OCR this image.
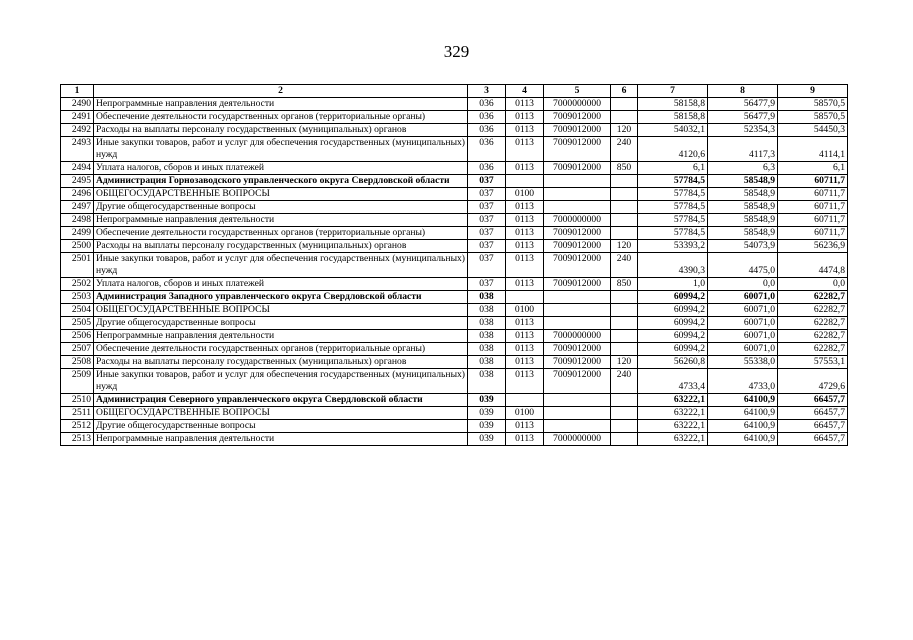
329
1	2	3	4	5	6	7	8	9
2490	Непрограммные направления деятельности	036	0113	7000000000		58158,8	56477,9	58570,5
2491	Обеспечение деятельности государственных органов (территориальные органы)	036	0113	7009012000		58158,8	56477,9	58570,5
2492	Расходы на выплаты персоналу государственных (муниципальных) органов	036	0113	7009012000	120	54032,1	52354,3	54450,3
2493	Иные закупки товаров, работ и услуг для обеспечения государственных (муниципальных) нужд	036	0113	7009012000	240	4120,6	4117,3	4114,1
2494	Уплата налогов, сборов и иных платежей	036	0113	7009012000	850	6,1	6,3	6,1
2495	Администрация Горнозаводского управленческого округа Свердловской области	037				57784,5	58548,9	60711,7
2496	ОБЩЕГОСУДАРСТВЕННЫЕ ВОПРОСЫ	037	0100			57784,5	58548,9	60711,7
2497	Другие общегосударственные вопросы	037	0113			57784,5	58548,9	60711,7
2498	Непрограммные направления деятельности	037	0113	7000000000		57784,5	58548,9	60711,7
2499	Обеспечение деятельности государственных органов (территориальные органы)	037	0113	7009012000		57784,5	58548,9	60711,7
2500	Расходы на выплаты персоналу государственных (муниципальных) органов	037	0113	7009012000	120	53393,2	54073,9	56236,9
2501	Иные закупки товаров, работ и услуг для обеспечения государственных (муниципальных) нужд	037	0113	7009012000	240	4390,3	4475,0	4474,8
2502	Уплата налогов, сборов и иных платежей	037	0113	7009012000	850	1,0	0,0	0,0
2503	Администрация Западного управленческого округа Свердловской области	038				60994,2	60071,0	62282,7
2504	ОБЩЕГОСУДАРСТВЕННЫЕ ВОПРОСЫ	038	0100			60994,2	60071,0	62282,7
2505	Другие общегосударственные вопросы	038	0113			60994,2	60071,0	62282,7
2506	Непрограммные направления деятельности	038	0113	7000000000		60994,2	60071,0	62282,7
2507	Обеспечение деятельности государственных органов (территориальные органы)	038	0113	7009012000		60994,2	60071,0	62282,7
2508	Расходы на выплаты персоналу государственных (муниципальных) органов	038	0113	7009012000	120	56260,8	55338,0	57553,1
2509	Иные закупки товаров, работ и услуг для обеспечения государственных (муниципальных) нужд	038	0113	7009012000	240	4733,4	4733,0	4729,6
2510	Администрация Северного управленческого округа Свердловской области	039				63222,1	64100,9	66457,7
2511	ОБЩЕГОСУДАРСТВЕННЫЕ ВОПРОСЫ	039	0100			63222,1	64100,9	66457,7
2512	Другие общегосударственные вопросы	039	0113			63222,1	64100,9	66457,7
2513	Непрограммные направления деятельности	039	0113	7000000000		63222,1	64100,9	66457,7
